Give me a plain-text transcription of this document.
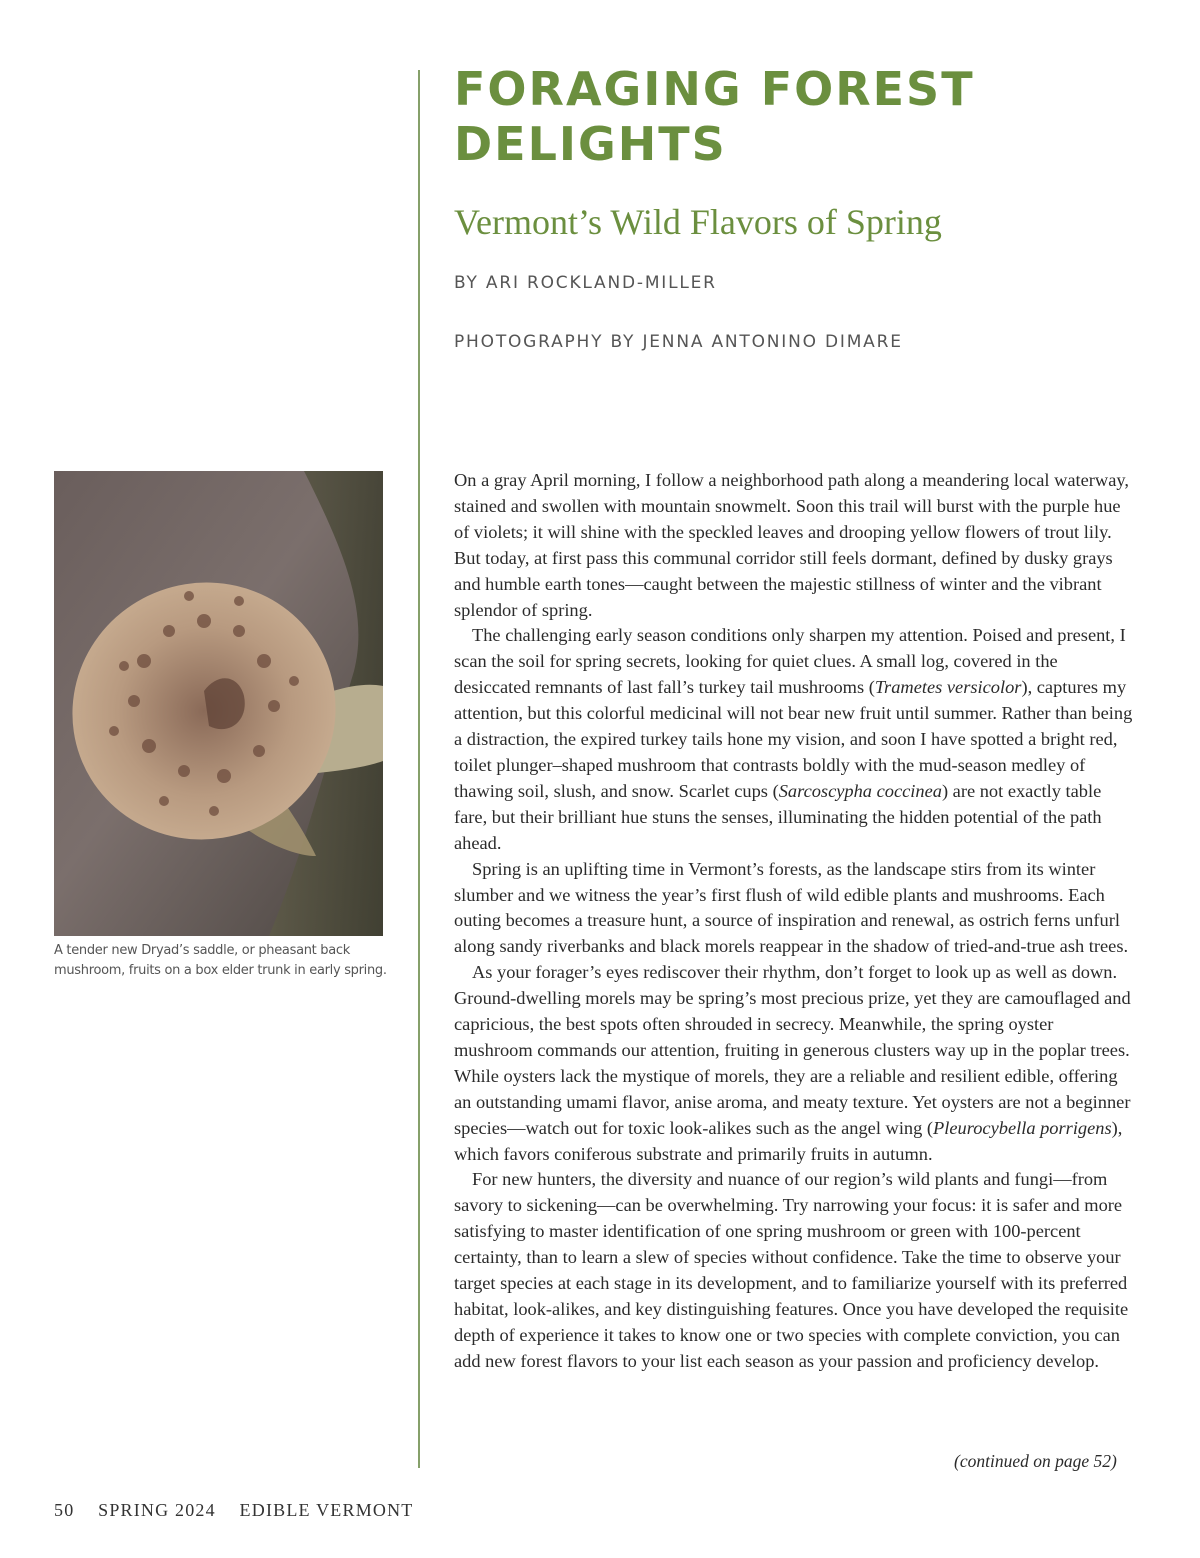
FORAGING FOREST DELIGHTS
Vermont’s Wild Flavors of Spring
BY ARI ROCKLAND-MILLER
PHOTOGRAPHY BY JENNA ANTONINO DIMARE
A tender new Dryad’s saddle, or pheasant back mushroom, fruits on a box elder trunk in early spring.

On a gray April morning, I follow a neighborhood path along a meandering local waterway, stained and swollen with mountain snowmelt. Soon this trail will burst with the purple hue of violets; it will shine with the speckled leaves and drooping yellow flowers of trout lily. But today, at first pass this communal corridor still feels dormant, defined by dusky grays and humble earth tones—caught between the majestic stillness of winter and the vibrant splendor of spring.

The challenging early season conditions only sharpen my attention. Poised and present, I scan the soil for spring secrets, looking for quiet clues. A small log, covered in the desiccated remnants of last fall’s turkey tail mushrooms (Trametes versicolor), captures my attention, but this colorful medicinal will not bear new fruit until summer. Rather than being a distraction, the expired turkey tails hone my vision, and soon I have spotted a bright red, toilet plunger–shaped mushroom that contrasts boldly with the mud-season medley of thawing soil, slush, and snow. Scarlet cups (Sarcoscypha coccinea) are not exactly table fare, but their brilliant hue stuns the senses, illuminating the hidden potential of the path ahead.

Spring is an uplifting time in Vermont’s forests, as the landscape stirs from its winter slumber and we witness the year’s first flush of wild edible plants and mushrooms. Each outing becomes a treasure hunt, a source of inspiration and renewal, as ostrich ferns unfurl along sandy riverbanks and black morels reappear in the shadow of tried-and-true ash trees.

As your forager’s eyes rediscover their rhythm, don’t forget to look up as well as down. Ground-dwelling morels may be spring’s most precious prize, yet they are camouflaged and capricious, the best spots often shrouded in secrecy. Meanwhile, the spring oyster mushroom commands our attention, fruiting in generous clusters way up in the poplar trees. While oysters lack the mystique of morels, they are a reliable and resilient edible, offering an outstanding umami flavor, anise aroma, and meaty texture. Yet oysters are not a beginner species—watch out for toxic look-alikes such as the angel wing (Pleurocybella porrigens), which favors coniferous substrate and primarily fruits in autumn.

For new hunters, the diversity and nuance of our region’s wild plants and fungi—from savory to sickening—can be overwhelming. Try narrowing your focus: it is safer and more satisfying to master identification of one spring mushroom or green with 100-percent certainty, than to learn a slew of species without confidence. Take the time to observe your target species at each stage in its development, and to familiarize yourself with its preferred habitat, look-alikes, and key distinguishing features. Once you have developed the requisite depth of experience it takes to know one or two species with complete conviction, you can add new forest flavors to your list each season as your passion and proficiency develop.

(continued on page 52)
50 SPRING 2024 EDIBLE VERMONT
